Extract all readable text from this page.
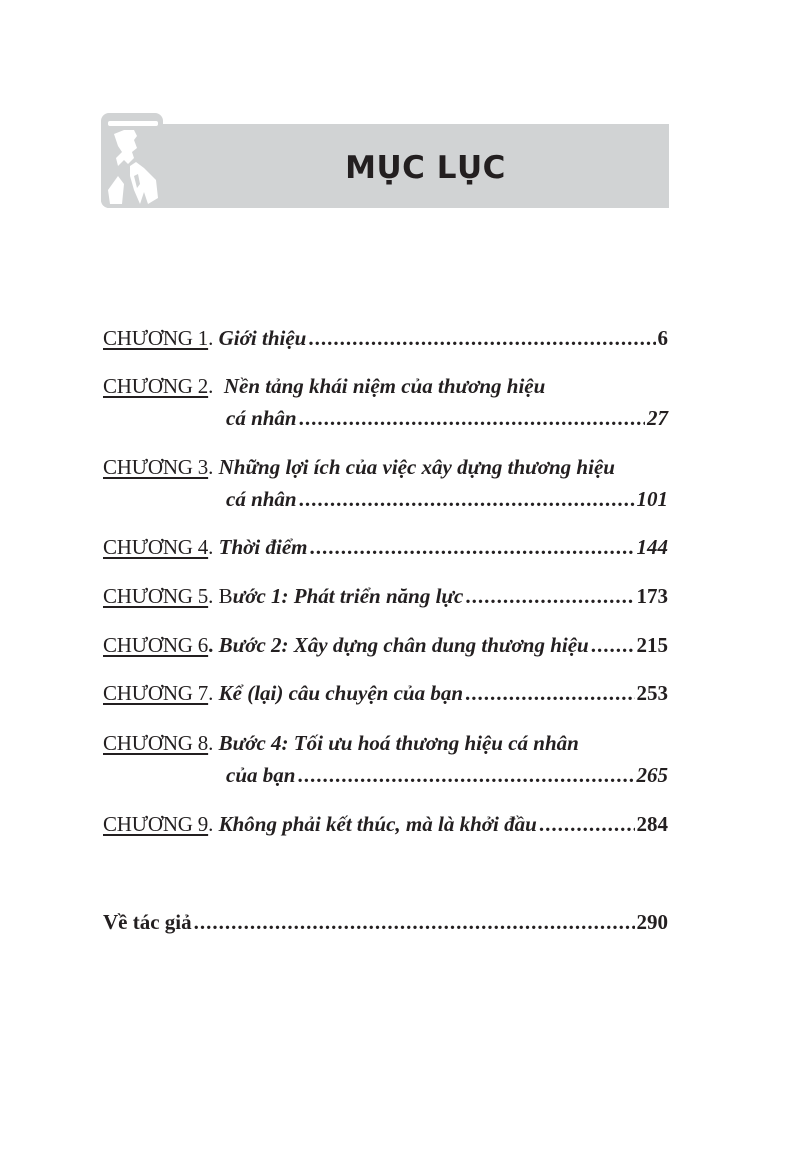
MỤC LỤC
CHƯƠNG 1 .
Giới thiệu .....	6
CHƯƠNG 2 .
Nền tảng khái niệm của thương hiệu
cá nhân .....	27
CHƯƠNG 3 .
Những lợi ích của việc xây dựng thương hiệu
cá nhân .....	101
CHƯƠNG 4 .
Thời điểm .....	144
CHƯƠNG 5 .
Bước 1: Phát triển năng lực .....	173
CHƯƠNG 6 .
Bước 2: Xây dựng chân dung thương hiệu ..... 215
CHƯƠNG 7 .
Kể (lại) câu chuyện của bạn .....	253
CHƯƠNG 8 .
Bước 4: Tối ưu hoá thương hiệu cá nhân
của bạn .....	265
CHƯƠNG 9 .
Không phải kết thúc, mà là khởi đầu .....	284
Về tác giả .....	290
